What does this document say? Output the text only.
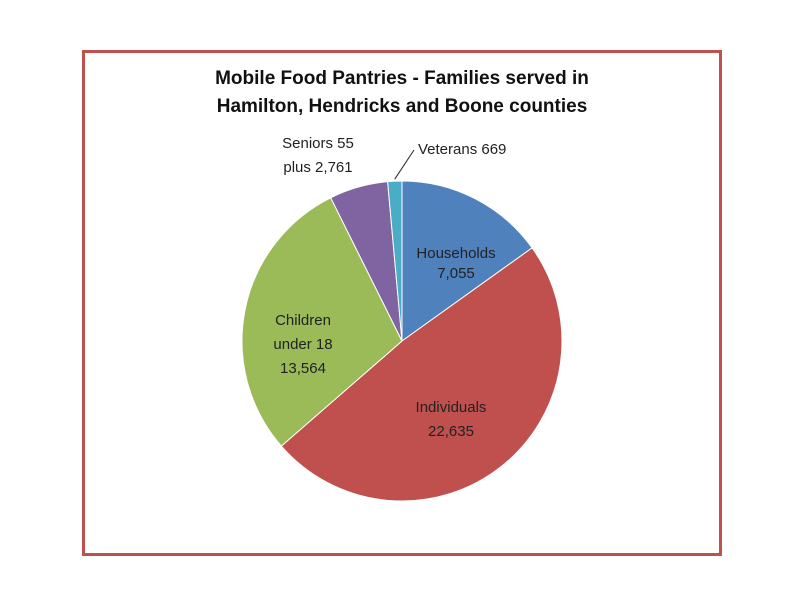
Mobile Food Pantries - Families served in
Hamilton, Hendricks and Boone counties
Households 7,055
Individuals 22,635
Children under 18 13,564
Seniors 55 plus 2,761
Veterans 669
